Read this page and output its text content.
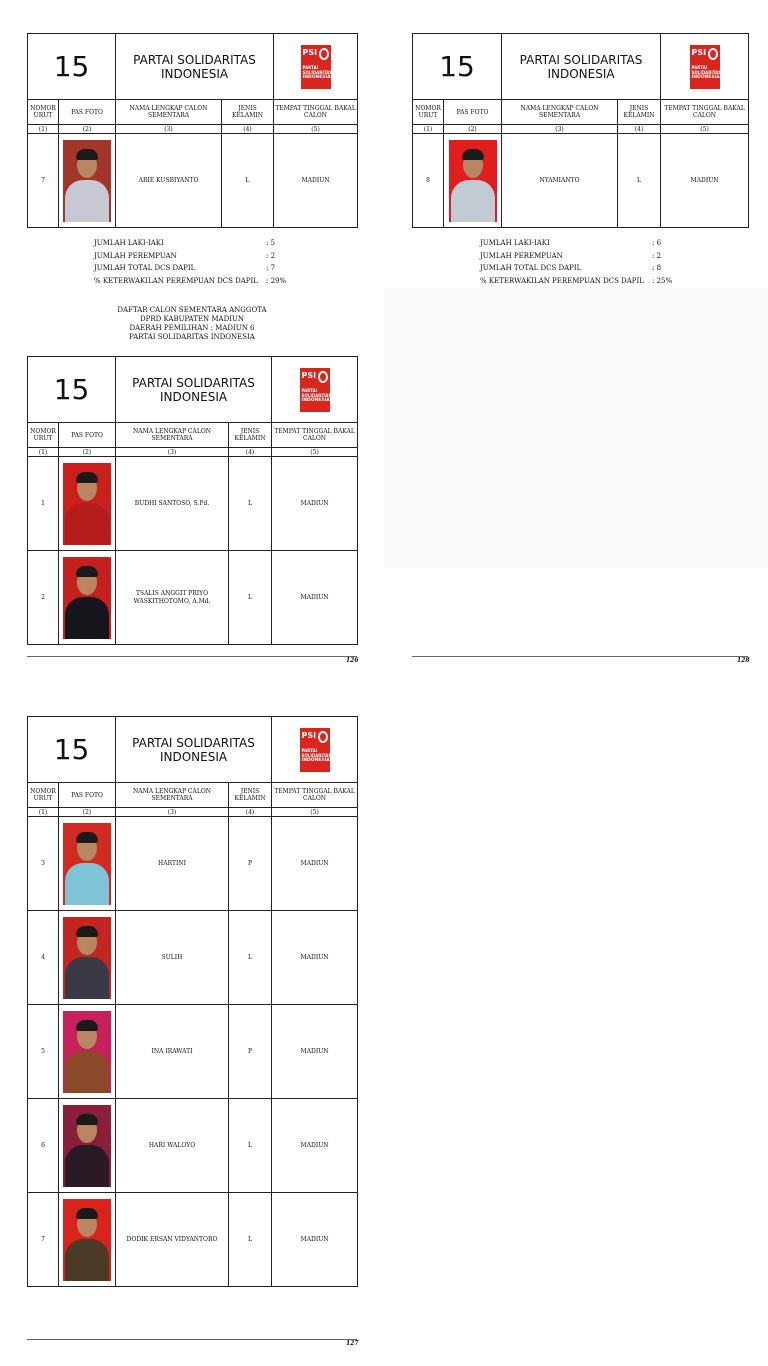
15		PARTAI SOLIDARITAS
INDONESIA		PSI
PARTAI
SOLIDARITAS
INDONESIA

NOMOR
URUT	PAS FOTO	NAMA LENGKAP CALON SEMENTARA	JENIS
KELAMIN	TEMPAT TINGGAL BAKAL
CALON
(1)	(2)	(3)	(4)	(5)
7		ARIE KUSBIYANTO	L	MADIUN
JUMLAH LAKI-IAKI	: 5
JUMLAH PEREMPUAN	: 2
JUMLAH TOTAL DCS DAPIL	: 7
% KETERWAKILAN PEREMPUAN DCS DAPIL	: 29%
15		PARTAI SOLIDARITAS
INDONESIA		PSI
PARTAI
SOLIDARITAS
INDONESIA

NOMOR
URUT	PAS FOTO	NAMA LENGKAP CALON SEMENTARA	JENIS
KELAMIN	TEMPAT TINGGAL BAKAL
CALON
(1)	(2)	(3)	(4)	(5)
8		NYAMIANTO	L	MADIUN
JUMLAH LAKI-IAKI	: 6
JUMLAH PEREMPUAN	: 2
JUMLAH TOTAL DCS DAPIL	: 8
% KETERWAKILAN PEREMPUAN DCS DAPIL	: 25%
DAFTAR CALON SEMENTARA ANGGOTA
DPRD KABUPATEN MADIUN
DAERAH PEMILIHAN : MADIUN 6
PARTAI SOLIDARITAS INDONESIA
15		PARTAI SOLIDARITAS
INDONESIA		PSI
PARTAI
SOLIDARITAS
INDONESIA

NOMOR
URUT	PAS FOTO	NAMA LENGKAP CALON SEMENTARA	JENIS
KELAMIN	TEMPAT TINGGAL BAKAL
CALON
(1)	(2)	(3)	(4)	(5)
1		BUDHI SANTOSO, S.Pd.	L	MADIUN
2		TSALIS ANGGIT PRIYO WASKITHOTOMO, A.Md.	L	MADIUN
126	128
15		PARTAI SOLIDARITAS
INDONESIA		PSI
PARTAI
SOLIDARITAS
INDONESIA

NOMOR
URUT	PAS FOTO	NAMA LENGKAP CALON SEMENTARA	JENIS
KELAMIN	TEMPAT TINGGAL BAKAL
CALON
(1)	(2)	(3)	(4)	(5)
3		HARTINI	P	MADIUN
4		SULIH	L	MADIUN
5		INA IRAWATI	P	MADIUN
6		HARI WALOYO	L	MADIUN
7		DODIK ERSAN VIDYANTORO	L	MADIUN
127
